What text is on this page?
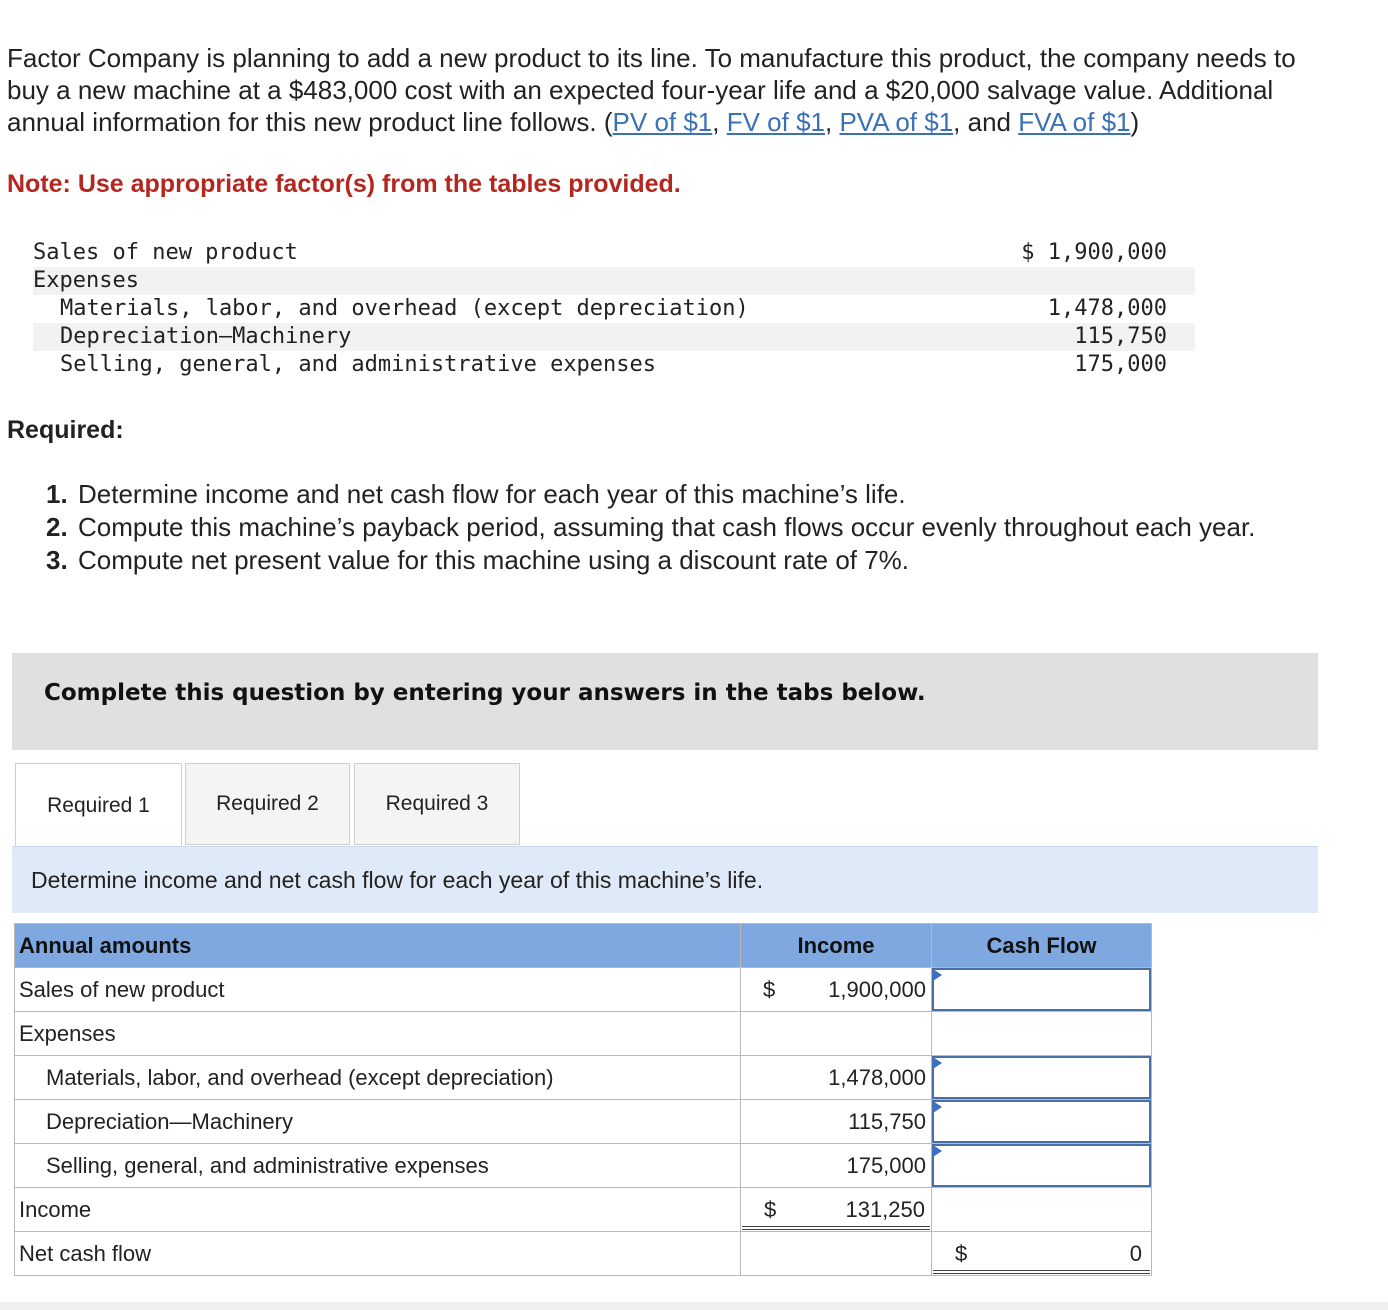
Factor Company is planning to add a new product to its line. To manufacture this product, the company needs to buy a new machine at a $483,000 cost with an expected four-year life and a $20,000 salvage value. Additional annual information for this new product line follows. (PV of $1, FV of $1, PVA of $1, and FVA of $1)
Note: Use appropriate factor(s) from the tables provided.
Sales of new product	$ 1,900,000
Expenses
Materials, labor, and overhead (except depreciation)	1,478,000
Depreciation—Machinery	115,750
Selling, general, and administrative expenses	175,000
Required:
1. Determine income and net cash flow for each year of this machine’s life.
2. Compute this machine’s payback period, assuming that cash flows occur evenly throughout each year.
3. Compute net present value for this machine using a discount rate of 7%.
Complete this question by entering your answers in the tabs below.
Required 1	Required 2	Required 3
Determine income and net cash flow for each year of this machine’s life.
Annual amounts	Income	Cash Flow
Sales of new product	$ 1,900,000	

Expenses		
Materials, labor, and overhead (except depreciation)	1,478,000	

Depreciation—Machinery	115,750	

Selling, general, and administrative expenses	175,000	

Income	$ 131,250	

Net cash flow		$ 0
